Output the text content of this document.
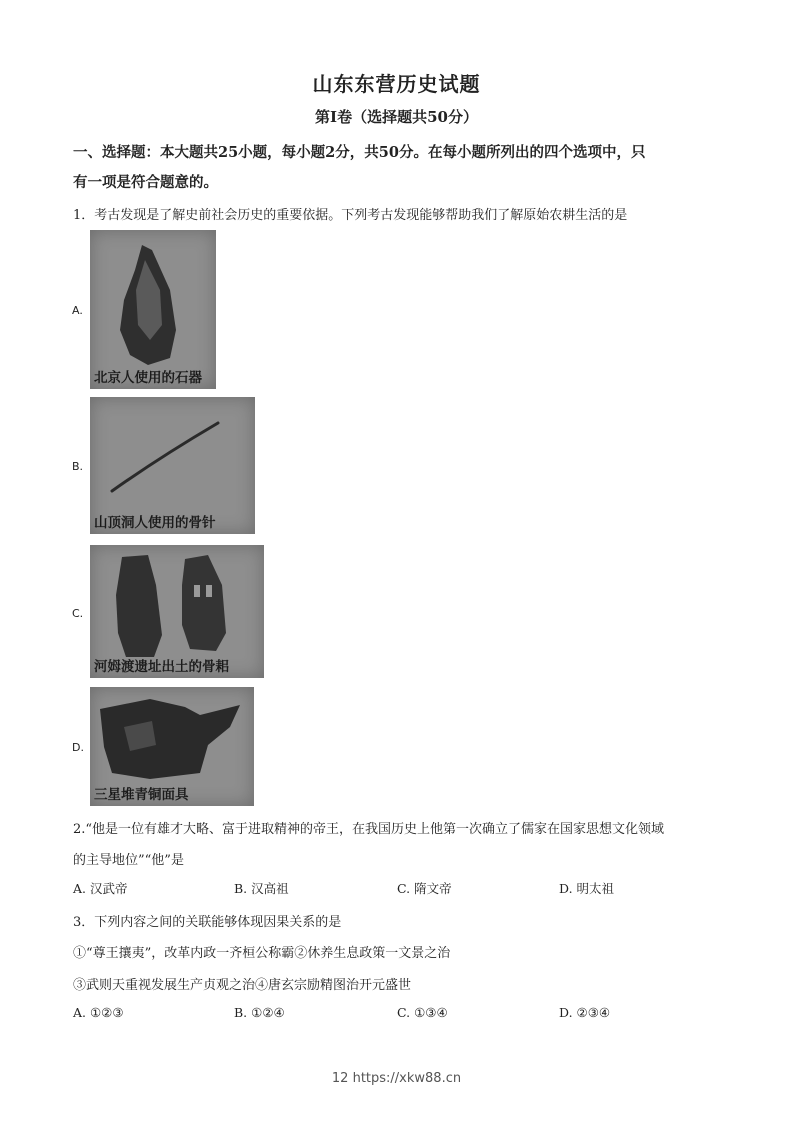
山东东营历史试题
第Ⅰ卷（选择题共50分）
一、选择题：本大题共25小题，每小题2分，共50分。在每小题所列出的四个选项中，只
有一项是符合题意的。
1．考古发现是了解史前社会历史的重要依据。下列考古发现能够帮助我们了解原始农耕生活的是
A.
北京人使用的石器
B.
山顶洞人使用的骨针
C.
河姆渡遗址出土的骨耜
D.
三星堆青铜面具
2.“他是一位有雄才大略、富于进取精神的帝王，在我国历史上他第一次确立了儒家在国家思想文化领域
的主导地位”“他”是
A. 汉武帝	B. 汉高祖	C. 隋文帝	D. 明太祖
3．下列内容之间的关联能够体现因果关系的是
①“尊王攘夷”，改革内政一齐桓公称霸②休养生息政策一文景之治
③武则天重视发展生产贞观之治④唐玄宗励精图治开元盛世
A. ①②③	B. ①②④	C. ①③④	D. ②③④
12 https://xkw88.cn
